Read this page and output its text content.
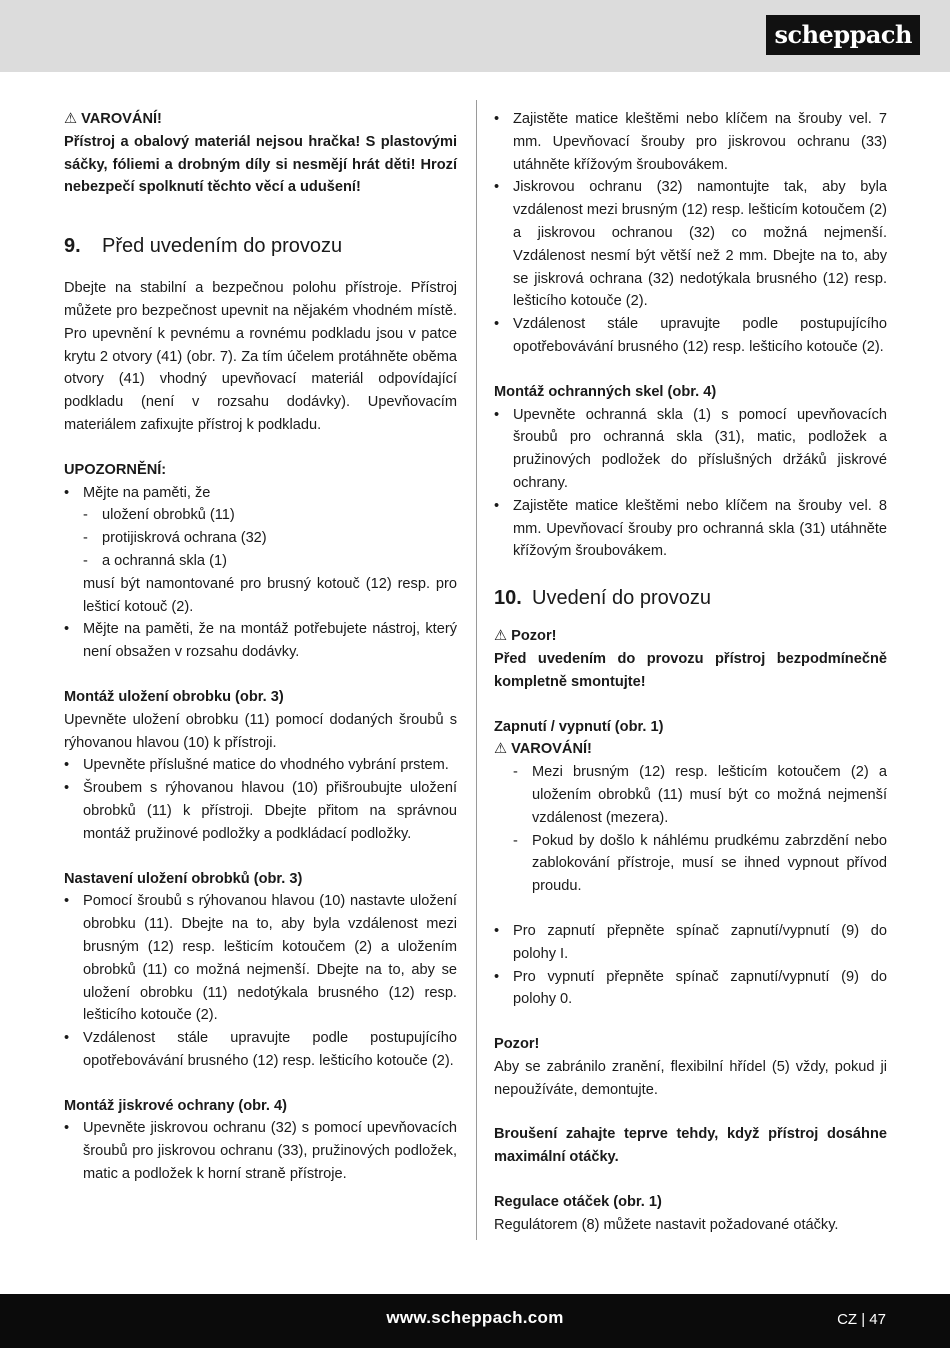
scheppach

⚠ VAROVÁNÍ!

Přístroj a obalový materiál nejsou hračka! S plastovými sáčky, fóliemi a drobným díly si nesmějí hrát děti! Hrozí nebezpečí spolknutí těchto věcí a udušení!

9. Před uvedením do provozu

Dbejte na stabilní a bezpečnou polohu přístroje. Přístroj můžete pro bezpečnost upevnit na nějakém vhodném místě. Pro upevnění k pevnému a rovnému podkladu jsou v patce krytu 2 otvory (41) (obr. 7). Za tím účelem protáhněte oběma otvory (41) vhodný upevňovací materiál odpovídající podkladu (není v rozsahu dodávky). Upevňovacím materiálem zafixujte přístroj k podkladu.

UPOZORNĚNÍ:

• Mějte na paměti, že
- uložení obrobků (11)
- protijiskrová ochrana (32)
- a ochranná skla (1)
musí být namontované pro brusný kotouč (12) resp. pro lešticí kotouč (2).
• Mějte na paměti, že na montáž potřebujete nástroj, který není obsažen v rozsahu dodávky.

Montáž uložení obrobku (obr. 3)

Upevněte uložení obrobku (11) pomocí dodaných šroubů s rýhovanou hlavou (10) k přístroji.

• Upevněte příslušné matice do vhodného vybrání prstem.
• Šroubem s rýhovanou hlavou (10) přišroubujte uložení obrobků (11) k přístroji. Dbejte přitom na správnou montáž pružinové podložky a podkládací podložky.

Nastavení uložení obrobků (obr. 3)

• Pomocí šroubů s rýhovanou hlavou (10) nastavte uložení obrobku (11). Dbejte na to, aby byla vzdálenost mezi brusným (12) resp. lešticím kotoučem (2) a uložením obrobků (11) co možná nejmenší. Dbejte na to, aby se uložení obrobku (11) nedotýkala brusného (12) resp. lešticího kotouče (2).
• Vzdálenost stále upravujte podle postupujícího opotřebovávání brusného (12) resp. lešticího kotouče (2).

Montáž jiskrové ochrany (obr. 4)

• Upevněte jiskrovou ochranu (32) s pomocí upevňovacích šroubů pro jiskrovou ochranu (33), pružinových podložek, matic a podložek k horní straně přístroje.
• Zajistěte matice kleštěmi nebo klíčem na šrouby vel. 7 mm. Upevňovací šrouby pro jiskrovou ochranu (33) utáhněte křížovým šroubovákem.
• Jiskrovou ochranu (32) namontujte tak, aby byla vzdálenost mezi brusným (12) resp. lešticím kotoučem (2) a jiskrovou ochranou (32) co možná nejmenší. Vzdálenost nesmí být větší než 2 mm. Dbejte na to, aby se jiskrová ochrana (32) nedotýkala brusného (12) resp. lešticího kotouče (2).
• Vzdálenost stále upravujte podle postupujícího opotřebovávání brusného (12) resp. lešticího kotouče (2).

Montáž ochranných skel (obr. 4)

• Upevněte ochranná skla (1) s pomocí upevňovacích šroubů pro ochranná skla (31), matic, podložek a pružinových podložek do příslušných držáků jiskrové ochrany.
• Zajistěte matice kleštěmi nebo klíčem na šrouby vel. 8 mm. Upevňovací šrouby pro ochranná skla (31) utáhněte křížovým šroubovákem.
10. Uvedení do provozu

⚠ Pozor!

Před uvedením do provozu přístroj bezpodmínečně kompletně smontujte!

Zapnutí / vypnutí (obr. 1)

⚠ VAROVÁNÍ!

- Mezi brusným (12) resp. lešticím kotoučem (2) a uložením obrobků (11) musí být co možná nejmenší vzdálenost (mezera).
- Pokud by došlo k náhlému prudkému zabrzdění nebo zablokování přístroje, musí se ihned vypnout přívod proudu.
• Pro zapnutí přepněte spínač zapnutí/vypnutí (9) do polohy I.
• Pro vypnutí přepněte spínač zapnutí/vypnutí (9) do polohy 0.

Pozor!

Aby se zabránilo zranění, flexibilní hřídel (5) vždy, pokud ji nepoužíváte, demontujte.

Broušení zahajte teprve tehdy, když přístroj dosáhne maximální otáčky.

Regulace otáček (obr. 1)

Regulátorem (8) můžete nastavit požadované otáčky.

www.scheppach.com	CZ | 47
